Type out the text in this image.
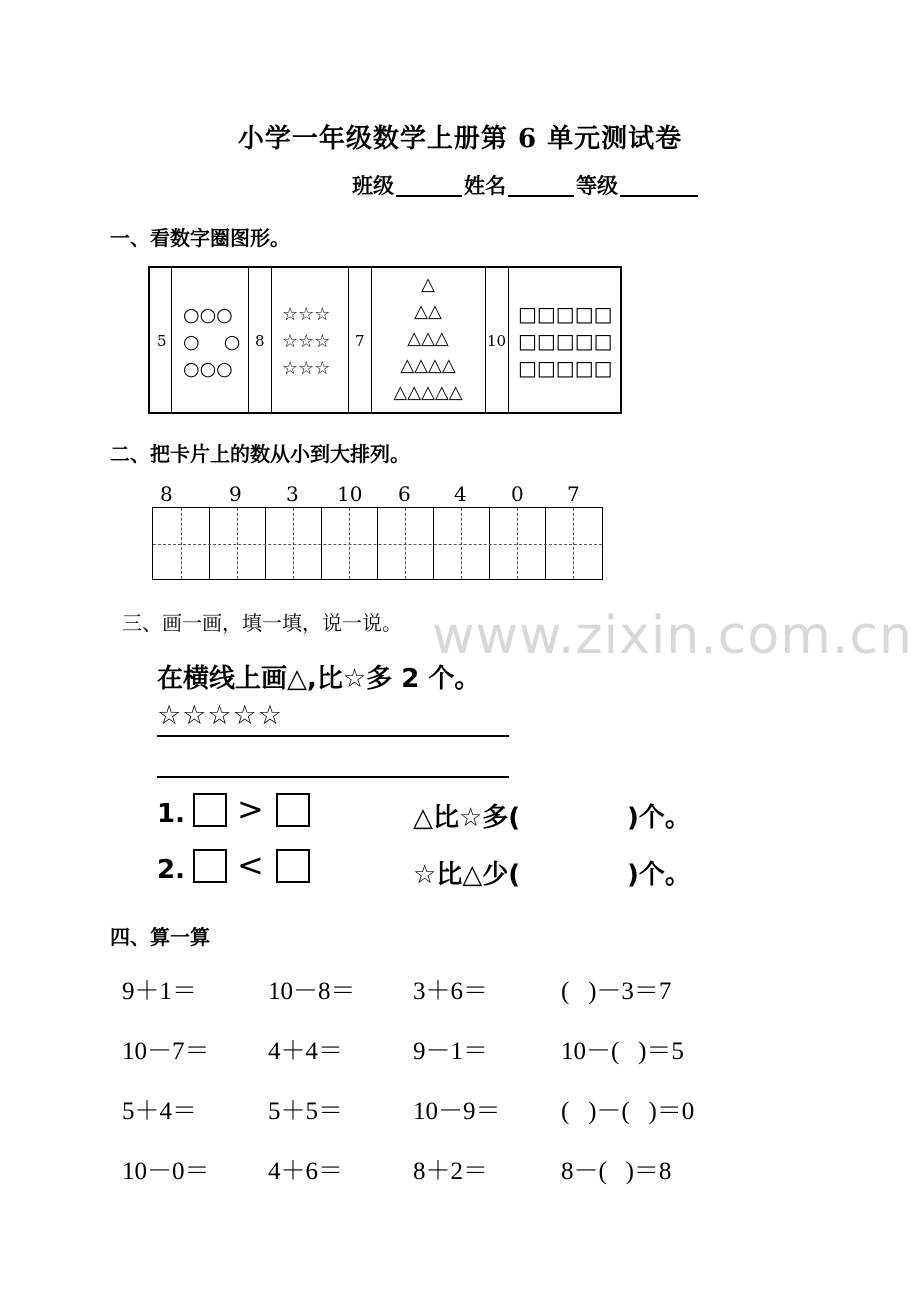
小学一年级数学上册第 6 单元测试卷
班级	姓名	等级
一、看数字圈图形。
5
○○○
○    ○
○○○
8
☆☆☆
☆☆☆
☆☆☆
7
△
△△
△△△
△△△△
△△△△△
10
□□□□□
□□□□□
□□□□□
二、把卡片上的数从小到大排列。
8	9 3 10 6 4 0 7
三、画一画，填一填，说一说。 www.zixin.com.cn
在横线上画△,比☆多 2 个。
☆☆☆☆☆
1. >	△比☆多(	)个。
2. <	☆比△少(	)个。
四、算一算
9＋1＝	10－8＝ 3＋6＝	(   )－3＝7
10－7＝ 4＋4＝	9－1＝	10－(   )＝5
5＋4＝	5＋5＝	10－9＝ (   )－(   )＝0
10－0＝ 4＋6＝	8＋2＝	8－(   )＝8
